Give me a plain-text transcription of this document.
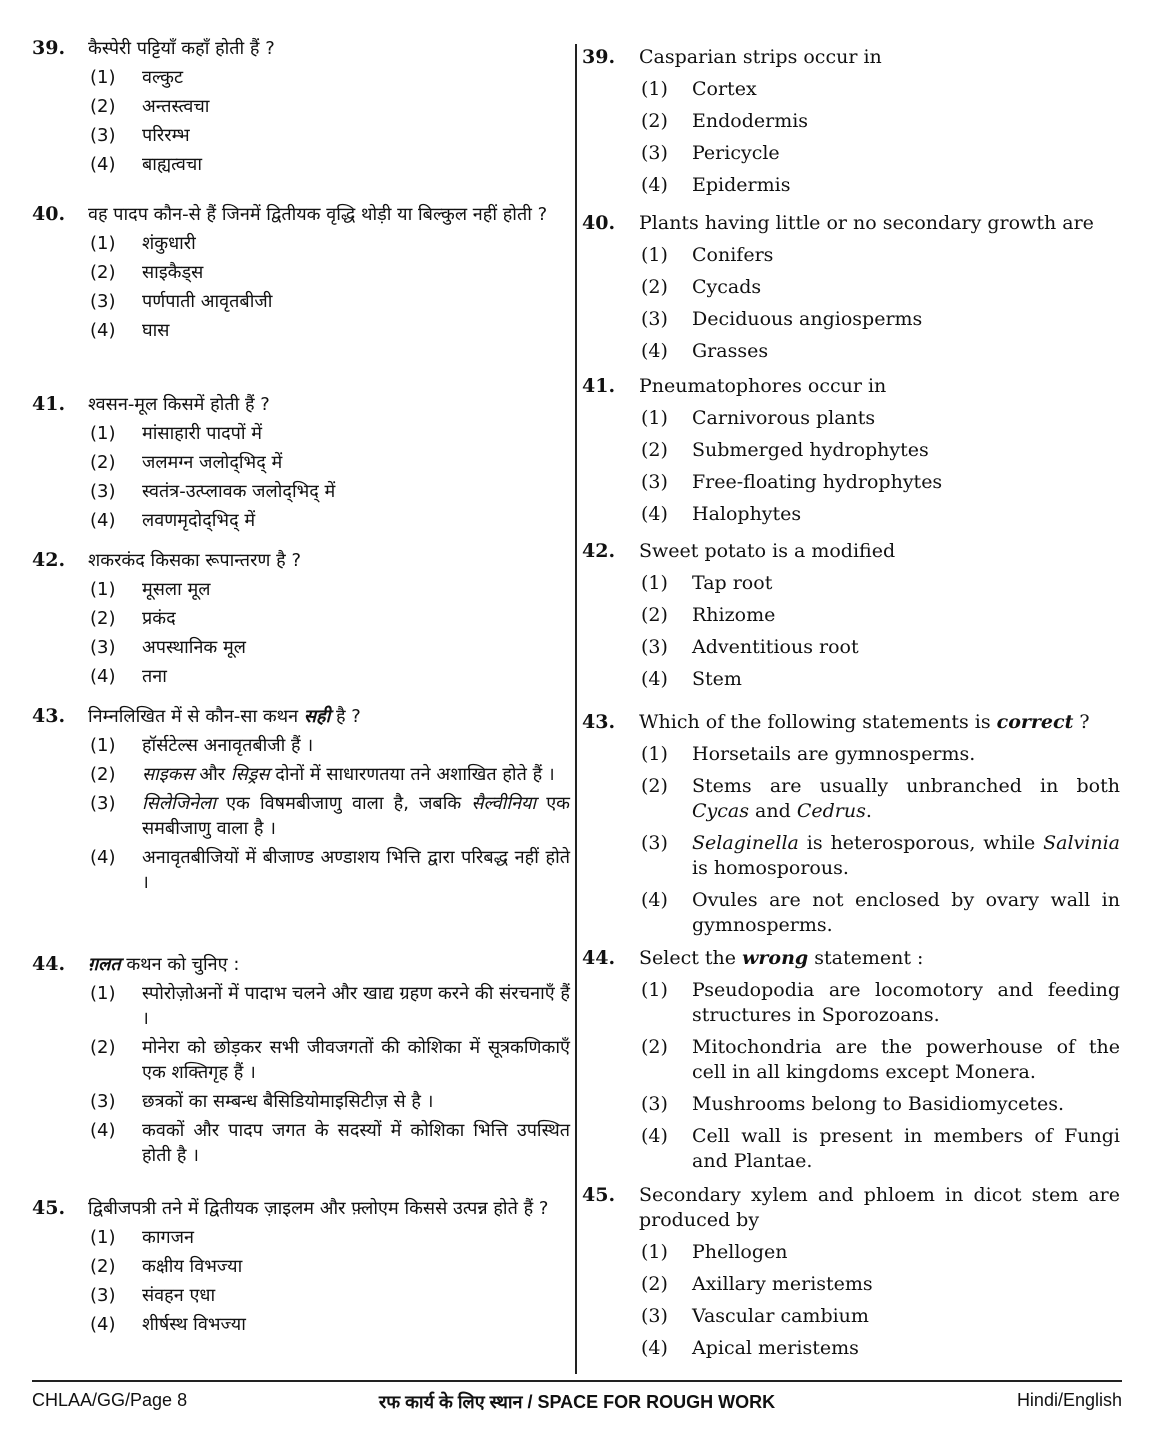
39. कैस्पेरी पट्टियाँ कहाँ होती हैं ?
(1) वल्कुट
(2) अन्तस्त्वचा
(3) परिरम्भ
(4) बाह्यत्वचा
40. वह पादप कौन-से हैं जिनमें द्वितीयक वृद्धि थोड़ी या बिल्कुल नहीं होती ?
(1) शंकुधारी
(2) साइकैड्स
(3) पर्णपाती आवृतबीजी
(4) घास
41. श्वसन-मूल किसमें होती हैं ?
(1) मांसाहारी पादपों में
(2) जलमग्न जलोद्‌भिद्‌ में
(3) स्वतंत्र-उत्प्लावक जलोद्‌भिद्‌ में
(4) लवणमृदोद्‌भिद्‌ में
42. शकरकंद किसका रूपान्तरण है ?
(1) मूसला मूल
(2) प्रकंद
(3) अपस्थानिक मूल
(4) तना
43. निम्नलिखित में से कौन-सा कथन सही है ?
(1) हॉर्सटेल्स अनावृतबीजी हैं ।
(2) साइकस और सिड्रस दोनों में साधारणतया तने अशाखित होते हैं ।
(3) सिलेजिनेला एक विषमबीजाणु वाला है, जबकि सैल्वीनिया एक समबीजाणु वाला है ।
(4) अनावृतबीजियों में बीजाण्ड अण्डाशय भित्ति द्वारा परिबद्ध नहीं होते ।
44. ग़लत कथन को चुनिए :
(1) स्पोरोज़ोअनों में पादाभ चलने और खाद्य ग्रहण करने की संरचनाएँ हैं ।
(2) मोनेरा को छोड़कर सभी जीवजगतों की कोशिका में सूत्रकणिकाएँ एक शक्तिगृह हैं ।
(3) छत्रकों का सम्बन्ध बैसिडियोमाइसिटीज़ से है ।
(4) कवकों और पादप जगत के सदस्यों में कोशिका भित्ति उपस्थित होती है ।
45. द्विबीजपत्री तने में द्वितीयक ज़ाइलम और फ़्लोएम किससे उत्पन्न होते हैं ?
(1) कागजन
(2) कक्षीय विभज्या
(3) संवहन एधा
(4) शीर्षस्थ विभज्या
39. Casparian strips occur in
(1) Cortex
(2) Endodermis
(3) Pericycle
(4) Epidermis
40. Plants having little or no secondary growth are
(1) Conifers
(2) Cycads
(3) Deciduous angiosperms
(4) Grasses
41. Pneumatophores occur in
(1) Carnivorous plants
(2) Submerged hydrophytes
(3) Free-floating hydrophytes
(4) Halophytes
42. Sweet potato is a modified
(1) Tap root
(2) Rhizome
(3) Adventitious root
(4) Stem
43. Which of the following statements is correct ?
(1) Horsetails are gymnosperms.
(2) Stems are usually unbranched in both Cycas and Cedrus.
(3) Selaginella is heterosporous, while Salvinia is homosporous.
(4) Ovules are not enclosed by ovary wall in gymnosperms.
44. Select the wrong statement :
(1) Pseudopodia are locomotory and feeding structures in Sporozoans.
(2) Mitochondria are the powerhouse of the cell in all kingdoms except Monera.
(3) Mushrooms belong to Basidiomycetes.
(4) Cell wall is present in members of Fungi and Plantae.
45. Secondary xylem and phloem in dicot stem are produced by
(1) Phellogen
(2) Axillary meristems
(3) Vascular cambium
(4) Apical meristems
CHLAA/GG/Page 8	रफ कार्य के लिए स्थान / SPACE FOR ROUGH WORK	Hindi/English
